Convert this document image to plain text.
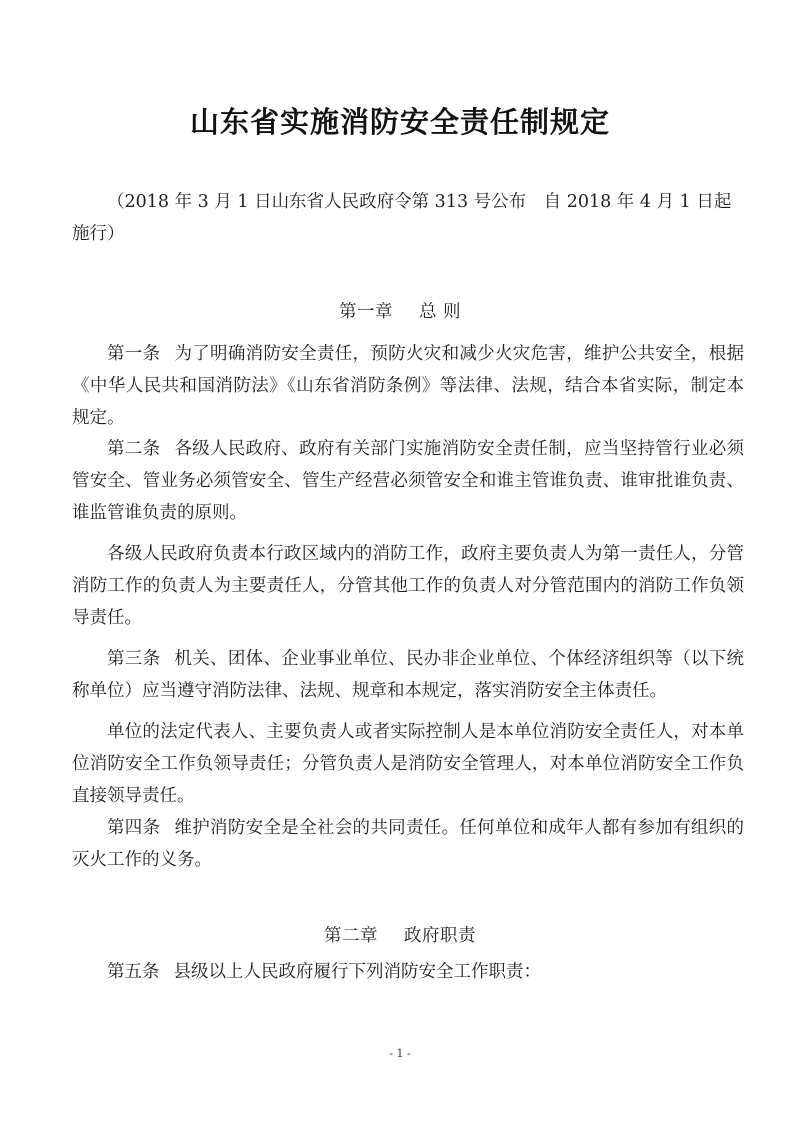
山东省实施消防安全责任制规定
（2018 年 3 月 1 日山东省人民政府令第 313 号公布　自 2018 年 4 月 1 日起施行）
第一章 总 则
第一条 为了明确消防安全责任，预防火灾和减少火灾危害，维护公共安全，根据《中华人民共和国消防法》《山东省消防条例》等法律、法规，结合本省实际，制定本规定。
第二条 各级人民政府、政府有关部门实施消防安全责任制，应当坚持管行业必须管安全、管业务必须管安全、管生产经营必须管安全和谁主管谁负责、谁审批谁负责、谁监管谁负责的原则。
各级人民政府负责本行政区域内的消防工作，政府主要负责人为第一责任人，分管消防工作的负责人为主要责任人，分管其他工作的负责人对分管范围内的消防工作负领导责任。
第三条 机关、团体、企业事业单位、民办非企业单位、个体经济组织等（以下统称单位）应当遵守消防法律、法规、规章和本规定，落实消防安全主体责任。
单位的法定代表人、主要负责人或者实际控制人是本单位消防安全责任人，对本单位消防安全工作负领导责任；分管负责人是消防安全管理人，对本单位消防安全工作负直接领导责任。
第四条 维护消防安全是全社会的共同责任。任何单位和成年人都有参加有组织的灭火工作的义务。
第二章 政府职责
第五条 县级以上人民政府履行下列消防安全工作职责：
- 1 -
